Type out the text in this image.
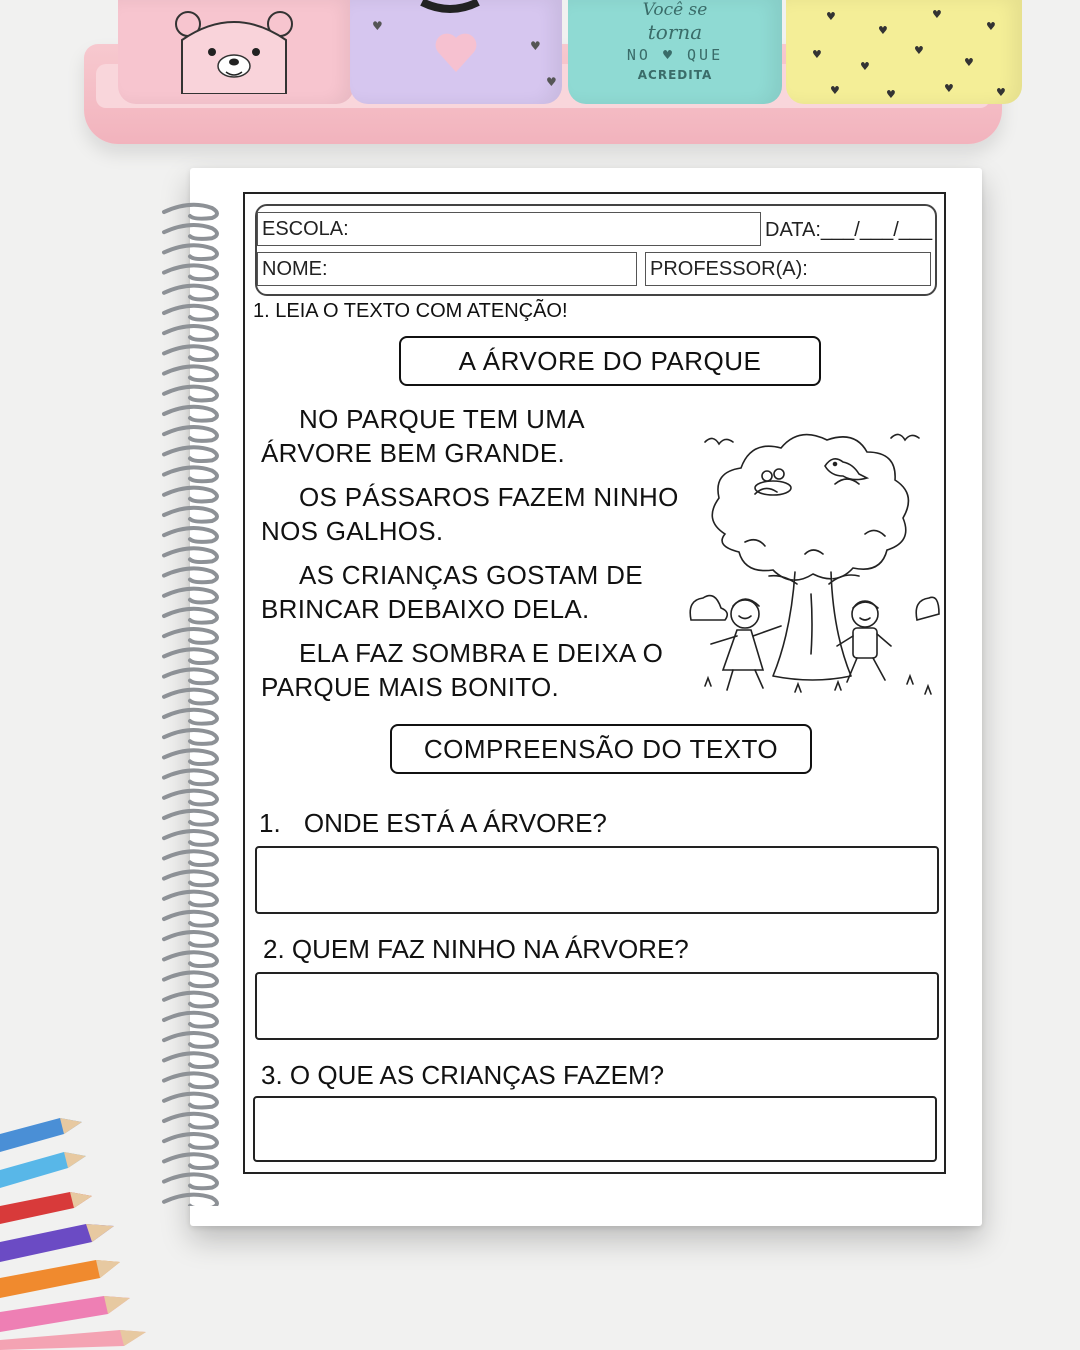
♥
♥
♥
Você se
torna
NO ♥ QUE
ACREDITA
♥
♥
♥
♥
♥
♥
♥
♥
♥	♥	♥	♥
ESCOLA:	DATA:___/___/___
NOME:	PROFESSOR(A):
1. LEIA O TEXTO COM ATENÇÃO!
A ÁRVORE DO PARQUE
NO PARQUE TEM UMA
ÁRVORE BEM GRANDE.
OS PÁSSAROS FAZEM NINHO
NOS GALHOS.
AS CRIANÇAS GOSTAM DE
BRINCAR DEBAIXO DELA.
ELA FAZ SOMBRA E DEIXA O
PARQUE MAIS BONITO.
COMPREENSÃO DO TEXTO
1. ONDE ESTÁ A ÁRVORE?
2. QUEM FAZ NINHO NA ÁRVORE?
3. O QUE AS CRIANÇAS FAZEM?
